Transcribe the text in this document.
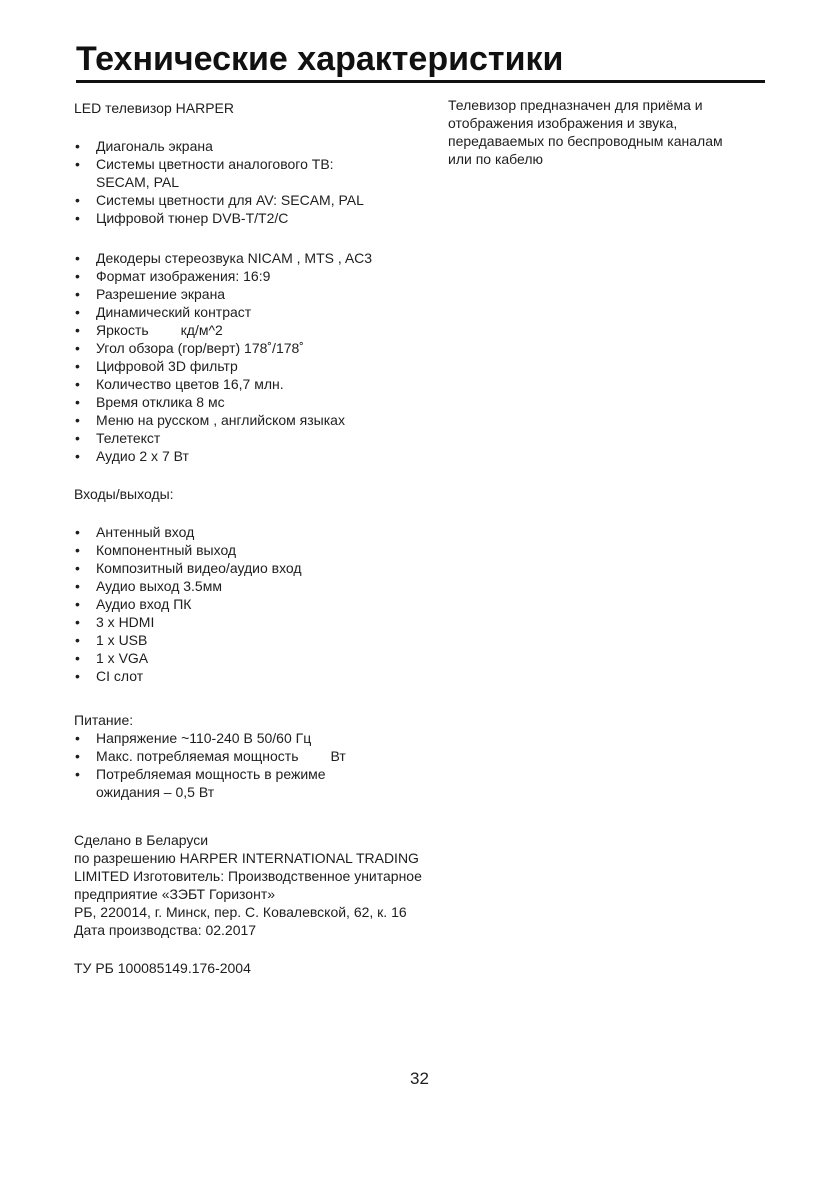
Технические характеристики

LED телевизор HARPER

•	Диагональ экрана
•	Системы цветности аналогового ТВ:
SECAM, PAL
•	Системы цветности для AV: SECAM, PAL
•	Цифровой тюнер DVB-T/T2/C
•	Декодеры стереозвука NICAM , MTS , AC3
•	Формат изображения: 16:9
•	Разрешение экрана
•	Динамический контраст
•	Яркость кд/м^2
•	Угол обзора (гор/верт) 178˚/178˚
•	Цифровой 3D фильтр
•	Количество цветов 16,7 млн.
•	Время отклика 8 мс
•	Меню на русском , английском языках
•	Телетекст
•	Аудио 2 х 7 Вт

Входы/выходы:

•	Антенный вход
•	Компонентный выход
•	Композитный видео/аудио вход
•	Аудио выход 3.5мм
•	Аудио вход ПК
•	3 х HDMI
•	1 х USB
•	1 х VGA
•	CI слот

Питание:

•	Напряжение ~110-240 В 50/60 Гц
•	Макс. потребляемая мощность Вт
•	Потребляемая мощность в режиме
ожидания – 0,5 Вт

Сделано в Беларуси

по разрешению HARPER INTERNATIONAL TRADING

LIMITED Изготовитель: Производственное унитарное

предприятие «ЗЭБТ Горизонт»

РБ, 220014, г. Минск, пер. С. Ковалевской, 62, к. 16

Дата производства: 02.2017

ТУ РБ 100085149.176-2004

Телевизор предназначен для приёма и

отображения изображения и звука,

передаваемых по беспроводным каналам

или по кабелю

32
